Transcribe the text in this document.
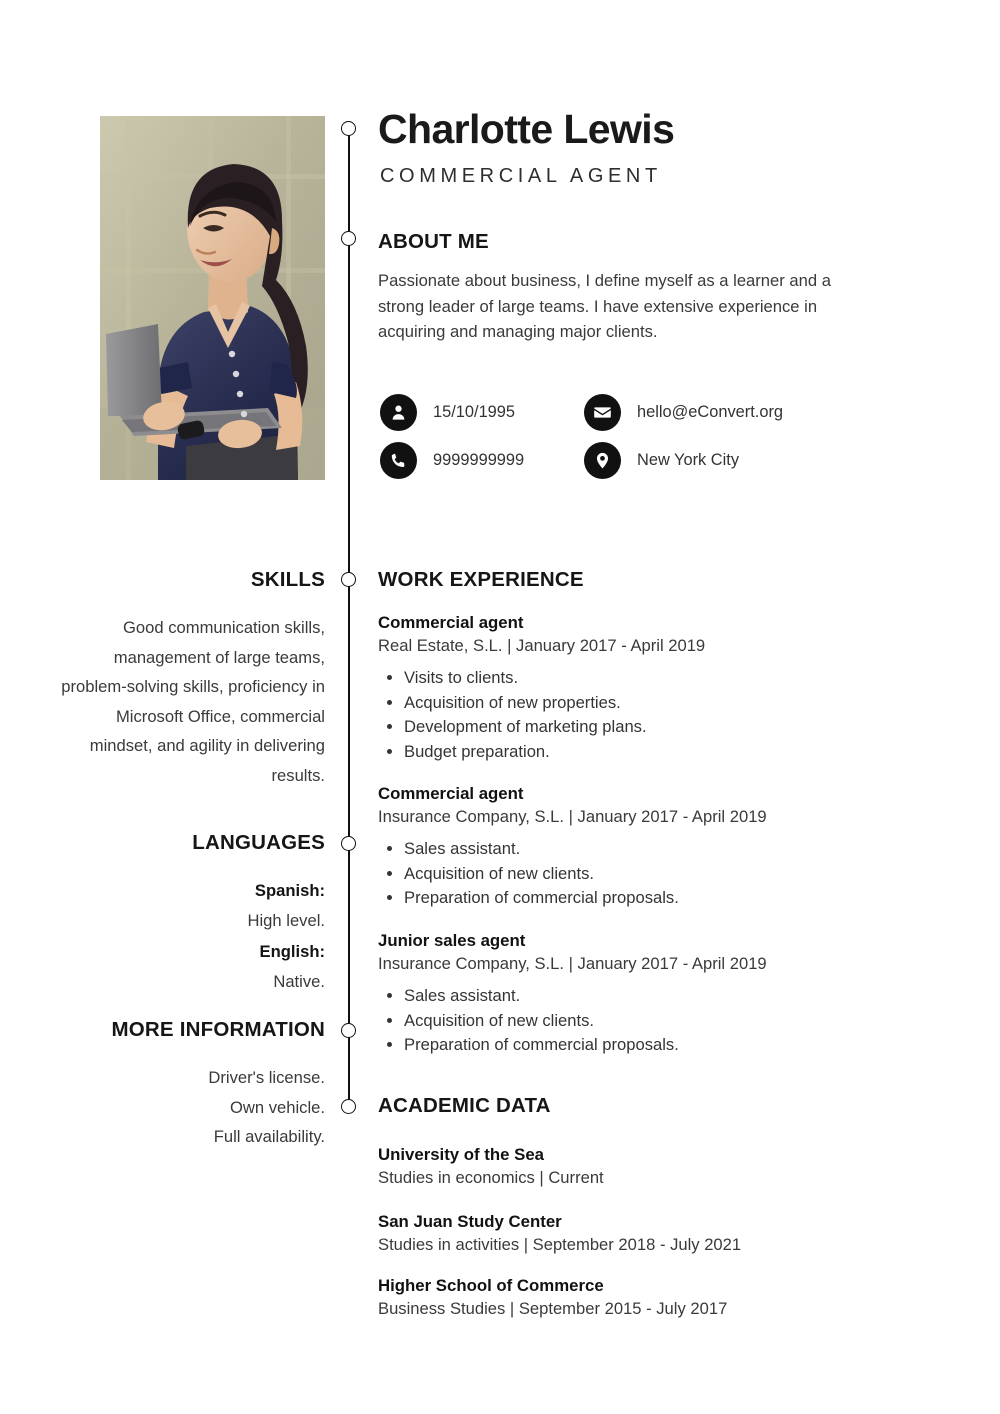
Charlotte Lewis
COMMERCIAL AGENT
ABOUT ME
Passionate about business, I define myself as a learner and a strong leader of large teams. I have extensive experience in acquiring and managing major clients.
15/10/1995
9999999999
hello@eConvert.org
New York City
SKILLS
Good communication skills, management of large teams, problem-solving skills, proficiency in Microsoft Office, commercial mindset, and agility in delivering results.
LANGUAGES
Spanish:
High level.
English:
Native.
MORE INFORMATION
Driver's license.
Own vehicle.
Full availability.
WORK EXPERIENCE
Commercial agent
Real Estate, S.L. | January 2017 - April 2019
• Visits to clients.
• Acquisition of new properties.
• Development of marketing plans.
• Budget preparation.
Commercial agent
Insurance Company, S.L. | January 2017 - April 2019
• Sales assistant.
• Acquisition of new clients.
• Preparation of commercial proposals.
Junior sales agent
Insurance Company, S.L. | January 2017 - April 2019
• Sales assistant.
• Acquisition of new clients.
• Preparation of commercial proposals.
ACADEMIC DATA
University of the Sea
Studies in economics | Current
San Juan Study Center
Studies in activities | September 2018 - July 2021
Higher School of Commerce
Business Studies | September 2015 - July 2017
